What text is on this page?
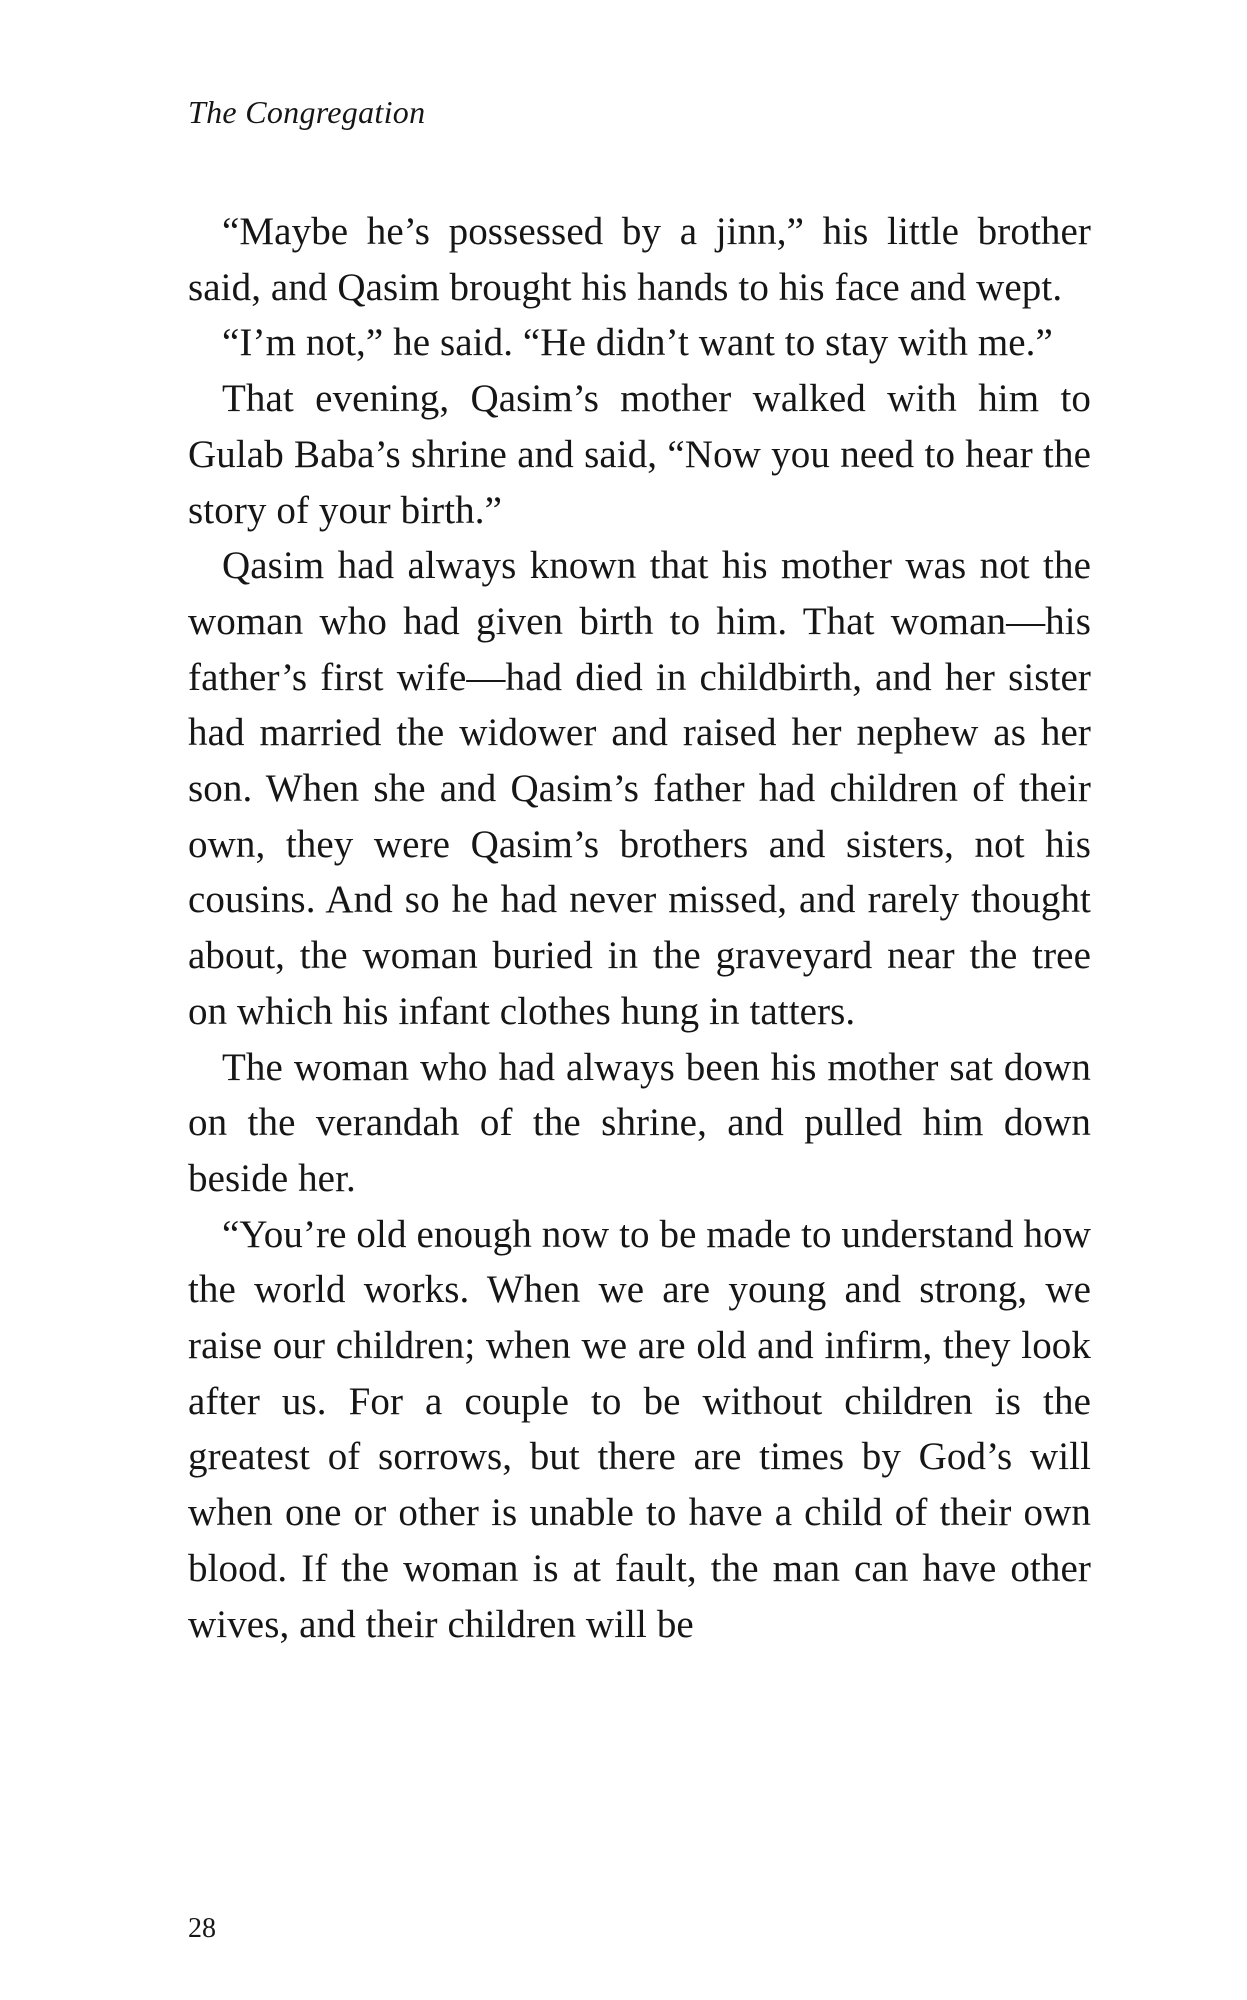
The Congregation

“Maybe he’s possessed by a jinn,” his little brother said, and Qasim brought his hands to his face and wept.

“I’m not,” he said. “He didn’t want to stay with me.”

That evening, Qasim’s mother walked with him to Gulab Baba’s shrine and said, “Now you need to hear the story of your birth.”

Qasim had always known that his mother was not the woman who had given birth to him. That woman—his father’s first wife—had died in childbirth, and her sister had married the widower and raised her nephew as her son. When she and Qasim’s father had children of their own, they were Qasim’s brothers and sisters, not his cousins. And so he had never missed, and rarely thought about, the woman buried in the graveyard near the tree on which his infant clothes hung in tatters.

The woman who had always been his mother sat down on the verandah of the shrine, and pulled him down beside her.

“You’re old enough now to be made to understand how the world works. When we are young and strong, we raise our children; when we are old and infirm, they look after us. For a couple to be without children is the greatest of sorrows, but there are times by God’s will when one or other is unable to have a child of their own blood. If the woman is at fault, the man can have other wives, and their children will be

28
